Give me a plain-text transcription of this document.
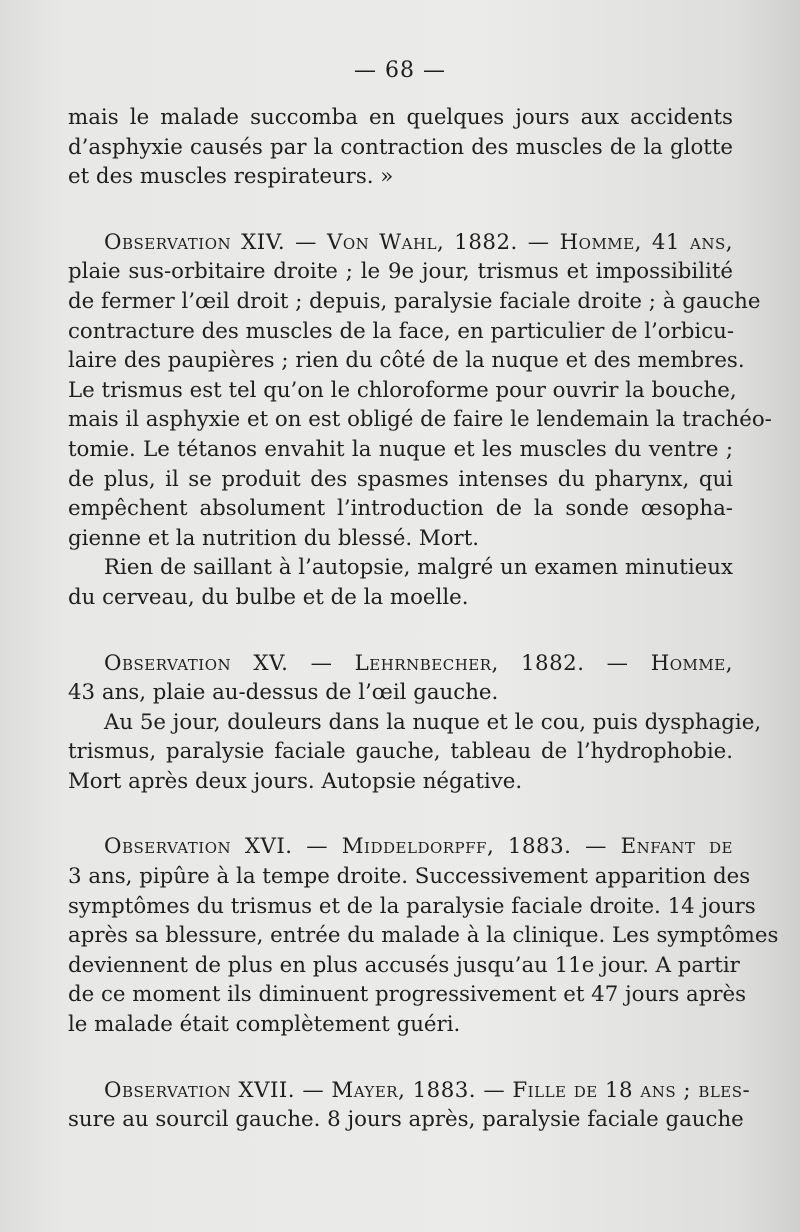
— 68 —
mais le malade succomba en quelques jours aux accidents
d’asphyxie causés par la contraction des muscles de la glotte
et des muscles respirateurs. »
Observation XIV. — Von Wahl, 1882. — Homme, 41 ans,
plaie sus-orbitaire droite ; le 9e jour, trismus et impossibilité
de fermer l’œil droit ; depuis, paralysie faciale droite ; à gauche
contracture des muscles de la face, en particulier de l’orbicu-
laire des paupières ; rien du côté de la nuque et des membres.
Le trismus est tel qu’on le chloroforme pour ouvrir la bouche,
mais il asphyxie et on est obligé de faire le lendemain la trachéo-
tomie. Le tétanos envahit la nuque et les muscles du ventre ;
de plus, il se produit des spasmes intenses du pharynx, qui
empêchent absolument l’introduction de la sonde œsopha-
gienne et la nutrition du blessé. Mort.
Rien de saillant à l’autopsie, malgré un examen minutieux
du cerveau, du bulbe et de la moelle.
Observation XV. — Lehrnbecher, 1882. — Homme,
43 ans, plaie au-dessus de l’œil gauche.
Au 5e jour, douleurs dans la nuque et le cou, puis dysphagie,
trismus, paralysie faciale gauche, tableau de l’hydrophobie.
Mort après deux jours. Autopsie négative.
Observation XVI. — Middeldorpff, 1883. — Enfant de
3 ans, pipûre à la tempe droite. Successivement apparition des
symptômes du trismus et de la paralysie faciale droite. 14 jours
après sa blessure, entrée du malade à la clinique. Les symptômes
deviennent de plus en plus accusés jusqu’au 11e jour. A partir
de ce moment ils diminuent progressivement et 47 jours après
le malade était complètement guéri.
Observation XVII. — Mayer, 1883. — Fille de 18 ans ; bles-
sure au sourcil gauche. 8 jours après, paralysie faciale gauche
